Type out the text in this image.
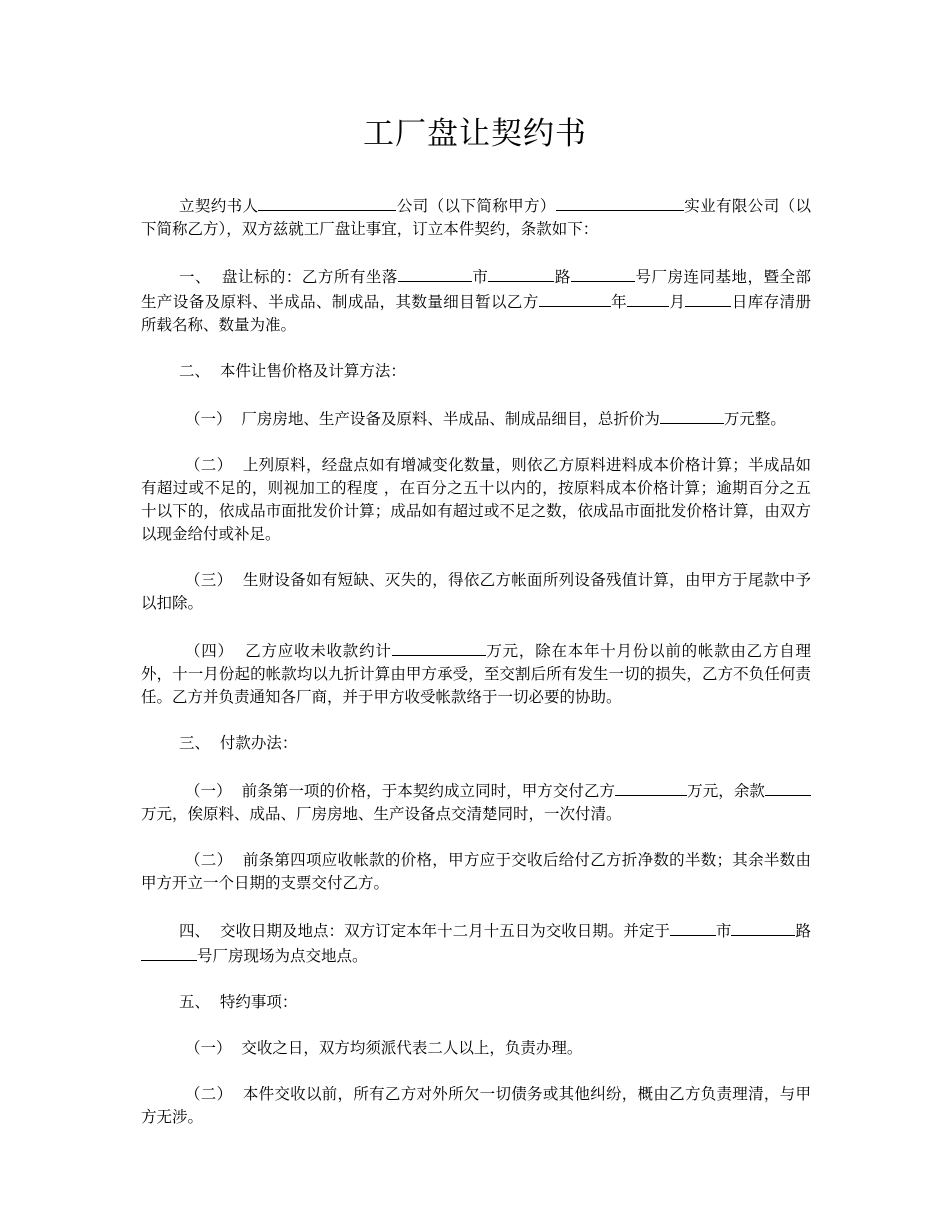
工厂盘让契约书

立契约书人	公司（以下简称甲方）	实业有限公司（以下简称乙方），双方兹就工厂盘让事宜，订立本件契约，条款如下：

一、 盘让标的：乙方所有坐落	市	路	号厂房连同基地，暨全部生产设备及原料、半成品、制成品，其数量细目暂以乙方	年	月	日库存清册所载名称、数量为准。

二、 本件让售价格及计算方法：

（一） 厂房房地、生产设备及原料、半成品、制成品细目，总折价为	万元整。

（二） 上列原料，经盘点如有增减变化数量，则依乙方原料进料成本价格计算；半成品如有超过或不足的，则视加工的程度 ，在百分之五十以内的，按原料成本价格计算；逾期百分之五十以下的，依成品市面批发价计算；成品如有超过或不足之数，依成品市面批发价格计算，由双方以现金给付或补足。

（三） 生财设备如有短缺、灭失的，得依乙方帐面所列设备残值计算，由甲方于尾款中予以扣除。

（四） 乙方应收未收款约计	万元，除在本年十月份以前的帐款由乙方自理外，十一月份起的帐款均以九折计算由甲方承受，至交割后所有发生一切的损失，乙方不负任何责任。乙方并负责通知各厂商，并于甲方收受帐款络于一切必要的协助。

三、 付款办法：

（一） 前条第一项的价格，于本契约成立同时，甲方交付乙方	万元，余款万元，俟原料、成品、厂房房地、生产设备点交清楚同时，一次付清。

（二） 前条第四项应收帐款的价格，甲方应于交收后给付乙方折净数的半数；其余半数由甲方开立一个日期的支票交付乙方。

四、 交收日期及地点：双方订定本年十二月十五日为交收日期。并定于	市	路号厂房现场为点交地点。

五、 特约事项：

（一） 交收之日，双方均须派代表二人以上，负责办理。

（二） 本件交收以前，所有乙方对外所欠一切债务或其他纠纷，概由乙方负责理清，与甲方无涉。
